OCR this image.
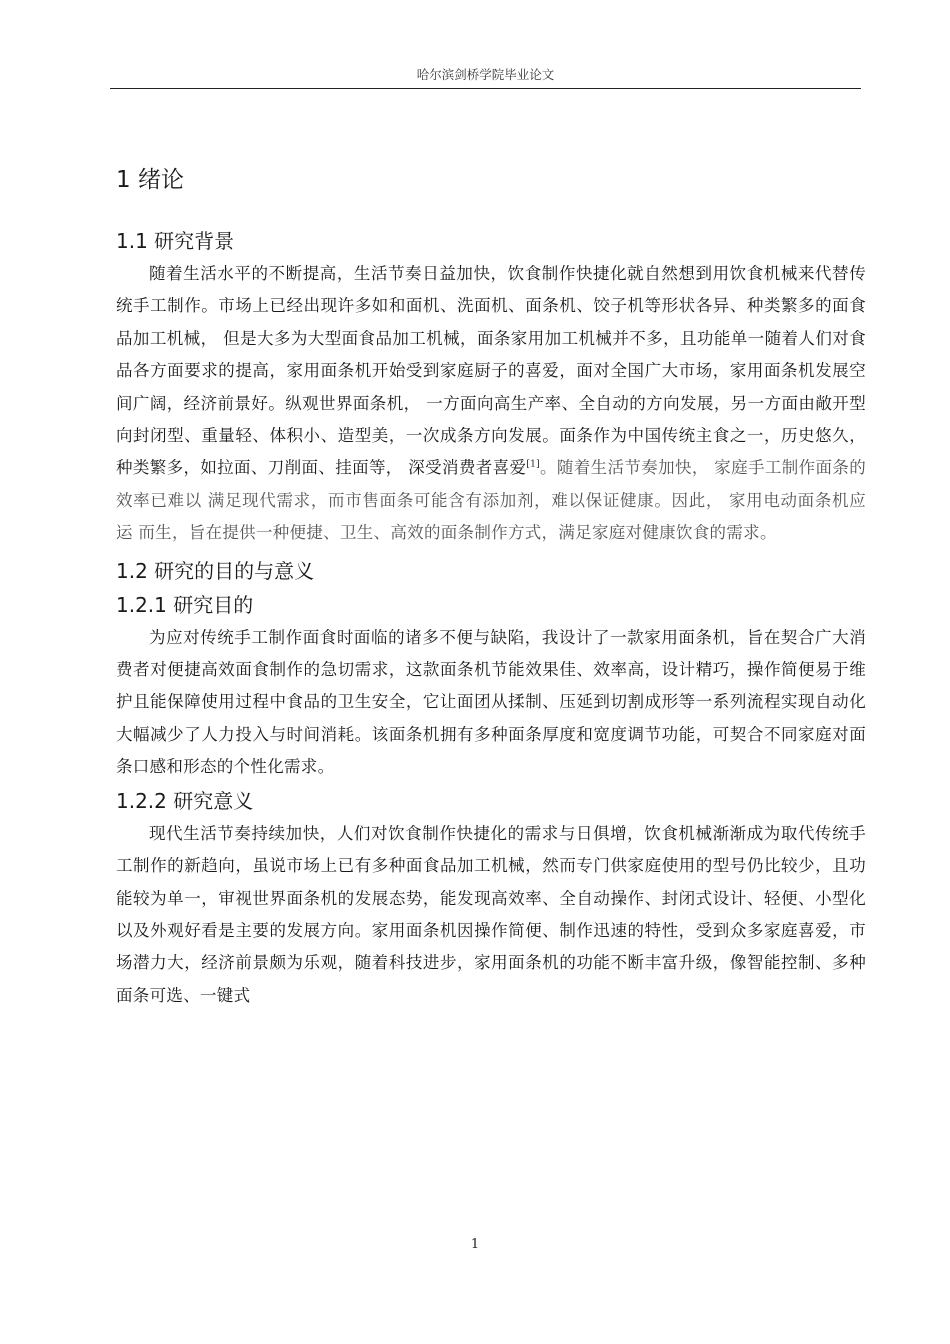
哈尔滨剑桥学院毕业论文
1 绪论
1.1 研究背景

随着生活水平的不断提高，生活节奏日益加快，饮食制作快捷化就自然想到用饮食机械来代替传统手工制作。市场上已经出现许多如和面机、洗面机、面条机、饺子机等形状各异、种类繁多的面食品加工机械， 但是大多为大型面食品加工机械，面条家用加工机械并不多，且功能单一随着人们对食品各方面要求的提高，家用面条机开始受到家庭厨子的喜爱，面对全国广大市场，家用面条机发展空间广阔，经济前景好。纵观世界面条机， 一方面向高生产率、全自动的方向发展，另一方面由敞开型向封闭型、重量轻、体积小、造型美，一次成条方向发展。面条作为中国传统主食之一，历史悠久，种类繁多，如拉面、刀削面、挂面等， 深受消费者喜爱[1]。随着生活节奏加快， 家庭手工制作面条的效率已难以 满足现代需求，而市售面条可能含有添加剂，难以保证健康。因此， 家用电动面条机应运 而生，旨在提供一种便捷、卫生、高效的面条制作方式，满足家庭对健康饮食的需求。

1.2 研究的目的与意义
1.2.1 研究目的

为应对传统手工制作面食时面临的诸多不便与缺陷，我设计了一款家用面条机，旨在契合广大消费者对便捷高效面食制作的急切需求，这款面条机节能效果佳、效率高，设计精巧，操作简便易于维护且能保障使用过程中食品的卫生安全，它让面团从揉制、压延到切割成形等一系列流程实现自动化大幅减少了人力投入与时间消耗。该面条机拥有多种面条厚度和宽度调节功能，可契合不同家庭对面条口感和形态的个性化需求。

1.2.2 研究意义

现代生活节奏持续加快，人们对饮食制作快捷化的需求与日俱增，饮食机械渐渐成为取代传统手工制作的新趋向，虽说市场上已有多种面食品加工机械，然而专门供家庭使用的型号仍比较少，且功能较为单一，审视世界面条机的发展态势，能发现高效率、全自动操作、封闭式设计、轻便、小型化以及外观好看是主要的发展方向。家用面条机因操作简便、制作迅速的特性，受到众多家庭喜爱，市场潜力大，经济前景颇为乐观，随着科技进步，家用面条机的功能不断丰富升级，像智能控制、多种面条可选、一键式

1
